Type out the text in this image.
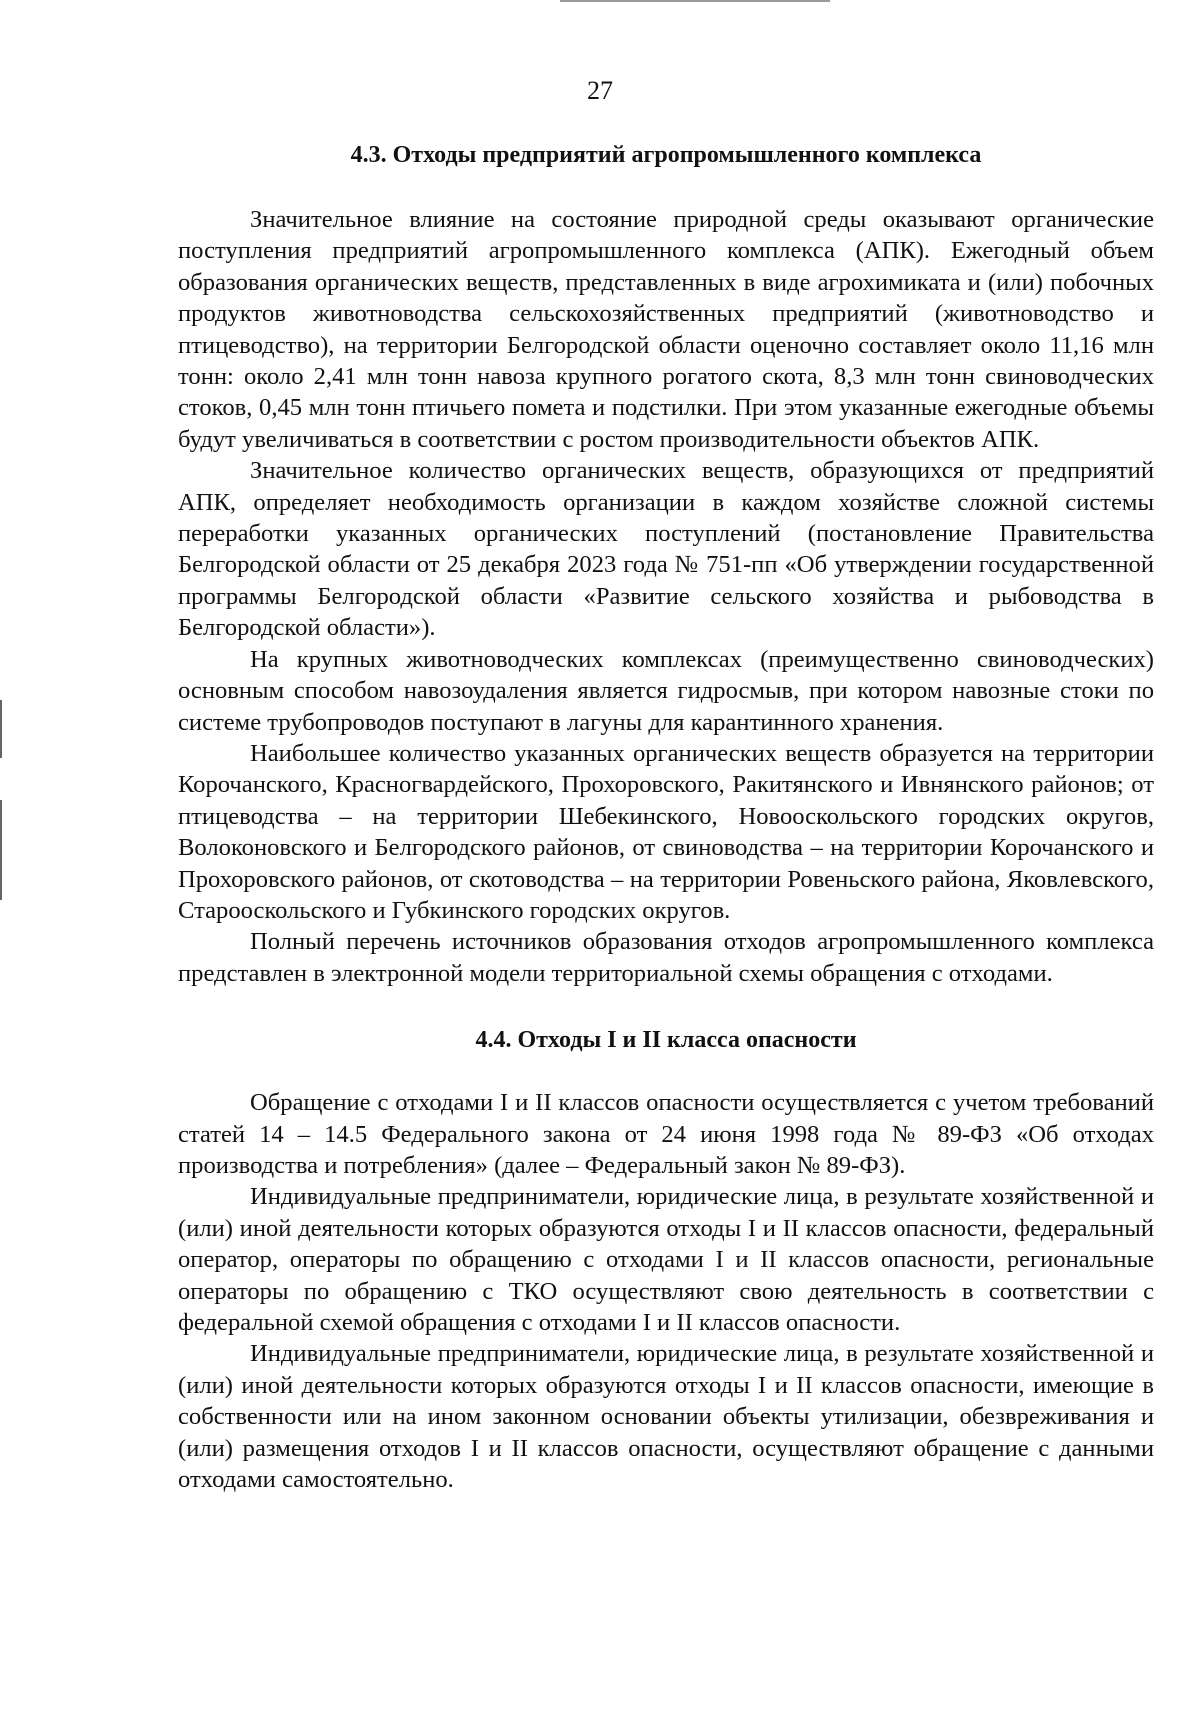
27
4.3. Отходы предприятий агропромышленного комплекса

Значительное влияние на состояние природной среды оказывают органические поступления предприятий агропромышленного комплекса (АПК). Ежегодный объем образования органических веществ, представленных в виде агрохимиката и (или) побочных продуктов животноводства сельскохозяйственных предприятий (животноводство и птицеводство), на территории Белгородской области оценочно составляет около 11,16 млн тонн: около 2,41 млн тонн навоза крупного рогатого скота, 8,3 млн тонн свиноводческих стоков, 0,45 млн тонн птичьего помета и подстилки. При этом указанные ежегодные объемы будут увеличиваться в соответствии с ростом производительности объектов АПК.

Значительное количество органических веществ, образующихся от предприятий АПК, определяет необходимость организации в каждом хозяйстве сложной системы переработки указанных органических поступлений (постановление Правительства Белгородской области от 25 декабря 2023 года № 751-пп «Об утверждении государственной программы Белгородской области «Развитие сельского хозяйства и рыбоводства в Белгородской области»).

На крупных животноводческих комплексах (преимущественно свиноводческих) основным способом навозоудаления является гидросмыв, при котором навозные стоки по системе трубопроводов поступают в лагуны для карантинного хранения.

Наибольшее количество указанных органических веществ образуется на территории Корочанского, Красногвардейского, Прохоровского, Ракитянского и Ивнянского районов; от птицеводства – на территории Шебекинского, Новооскольского городских округов, Волоконовского и Белгородского районов, от свиноводства – на территории Корочанского и Прохоровского районов, от скотоводства – на территории Ровеньского района, Яковлевского, Старооскольского и Губкинского городских округов.

Полный перечень источников образования отходов агропромышленного комплекса представлен в электронной модели территориальной схемы обращения с отходами.

4.4. Отходы I и II класса опасности

Обращение с отходами I и II классов опасности осуществляется с учетом требований статей 14 – 14.5 Федерального закона от 24 июня 1998 года № 89-ФЗ «Об отходах производства и потребления» (далее – Федеральный закон № 89-ФЗ).

Индивидуальные предприниматели, юридические лица, в результате хозяйственной и (или) иной деятельности которых образуются отходы I и II классов опасности, федеральный оператор, операторы по обращению с отходами I и II классов опасности, региональные операторы по обращению с ТКО осуществляют свою деятельность в соответствии с федеральной схемой обращения с отходами I и II классов опасности.

Индивидуальные предприниматели, юридические лица, в результате хозяйственной и (или) иной деятельности которых образуются отходы I и II классов опасности, имеющие в собственности или на ином законном основании объекты утилизации, обезвреживания и (или) размещения отходов I и II классов опасности, осуществляют обращение с данными отходами самостоятельно.
